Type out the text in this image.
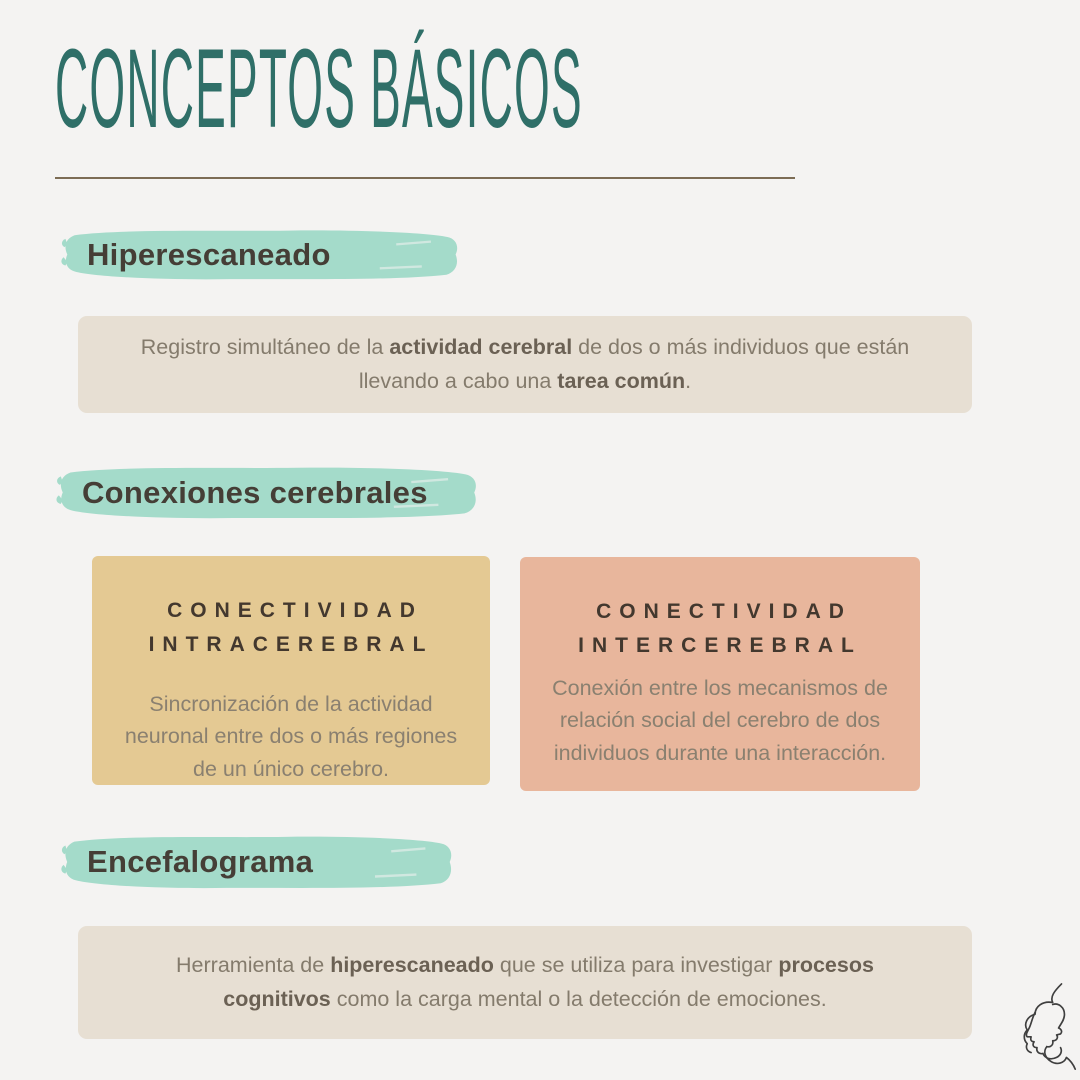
CONCEPTOS BÁSICOS
Hiperescaneado

Registro simultáneo de la actividad cerebral de dos o más individuos que están llevando a cabo una tarea común.

Conexiones cerebrales
CONECTIVIDAD
INTRACEREBRAL

Sincronización de la actividad neuronal entre dos o más regiones de un único cerebro.

CONECTIVIDAD
INTERCEREBRAL

Conexión entre los mecanismos de relación social del cerebro de dos individuos durante una interacción.

Encefalograma

Herramienta de hiperescaneado que se utiliza para investigar procesos cognitivos como la carga mental o la detección de emociones.
